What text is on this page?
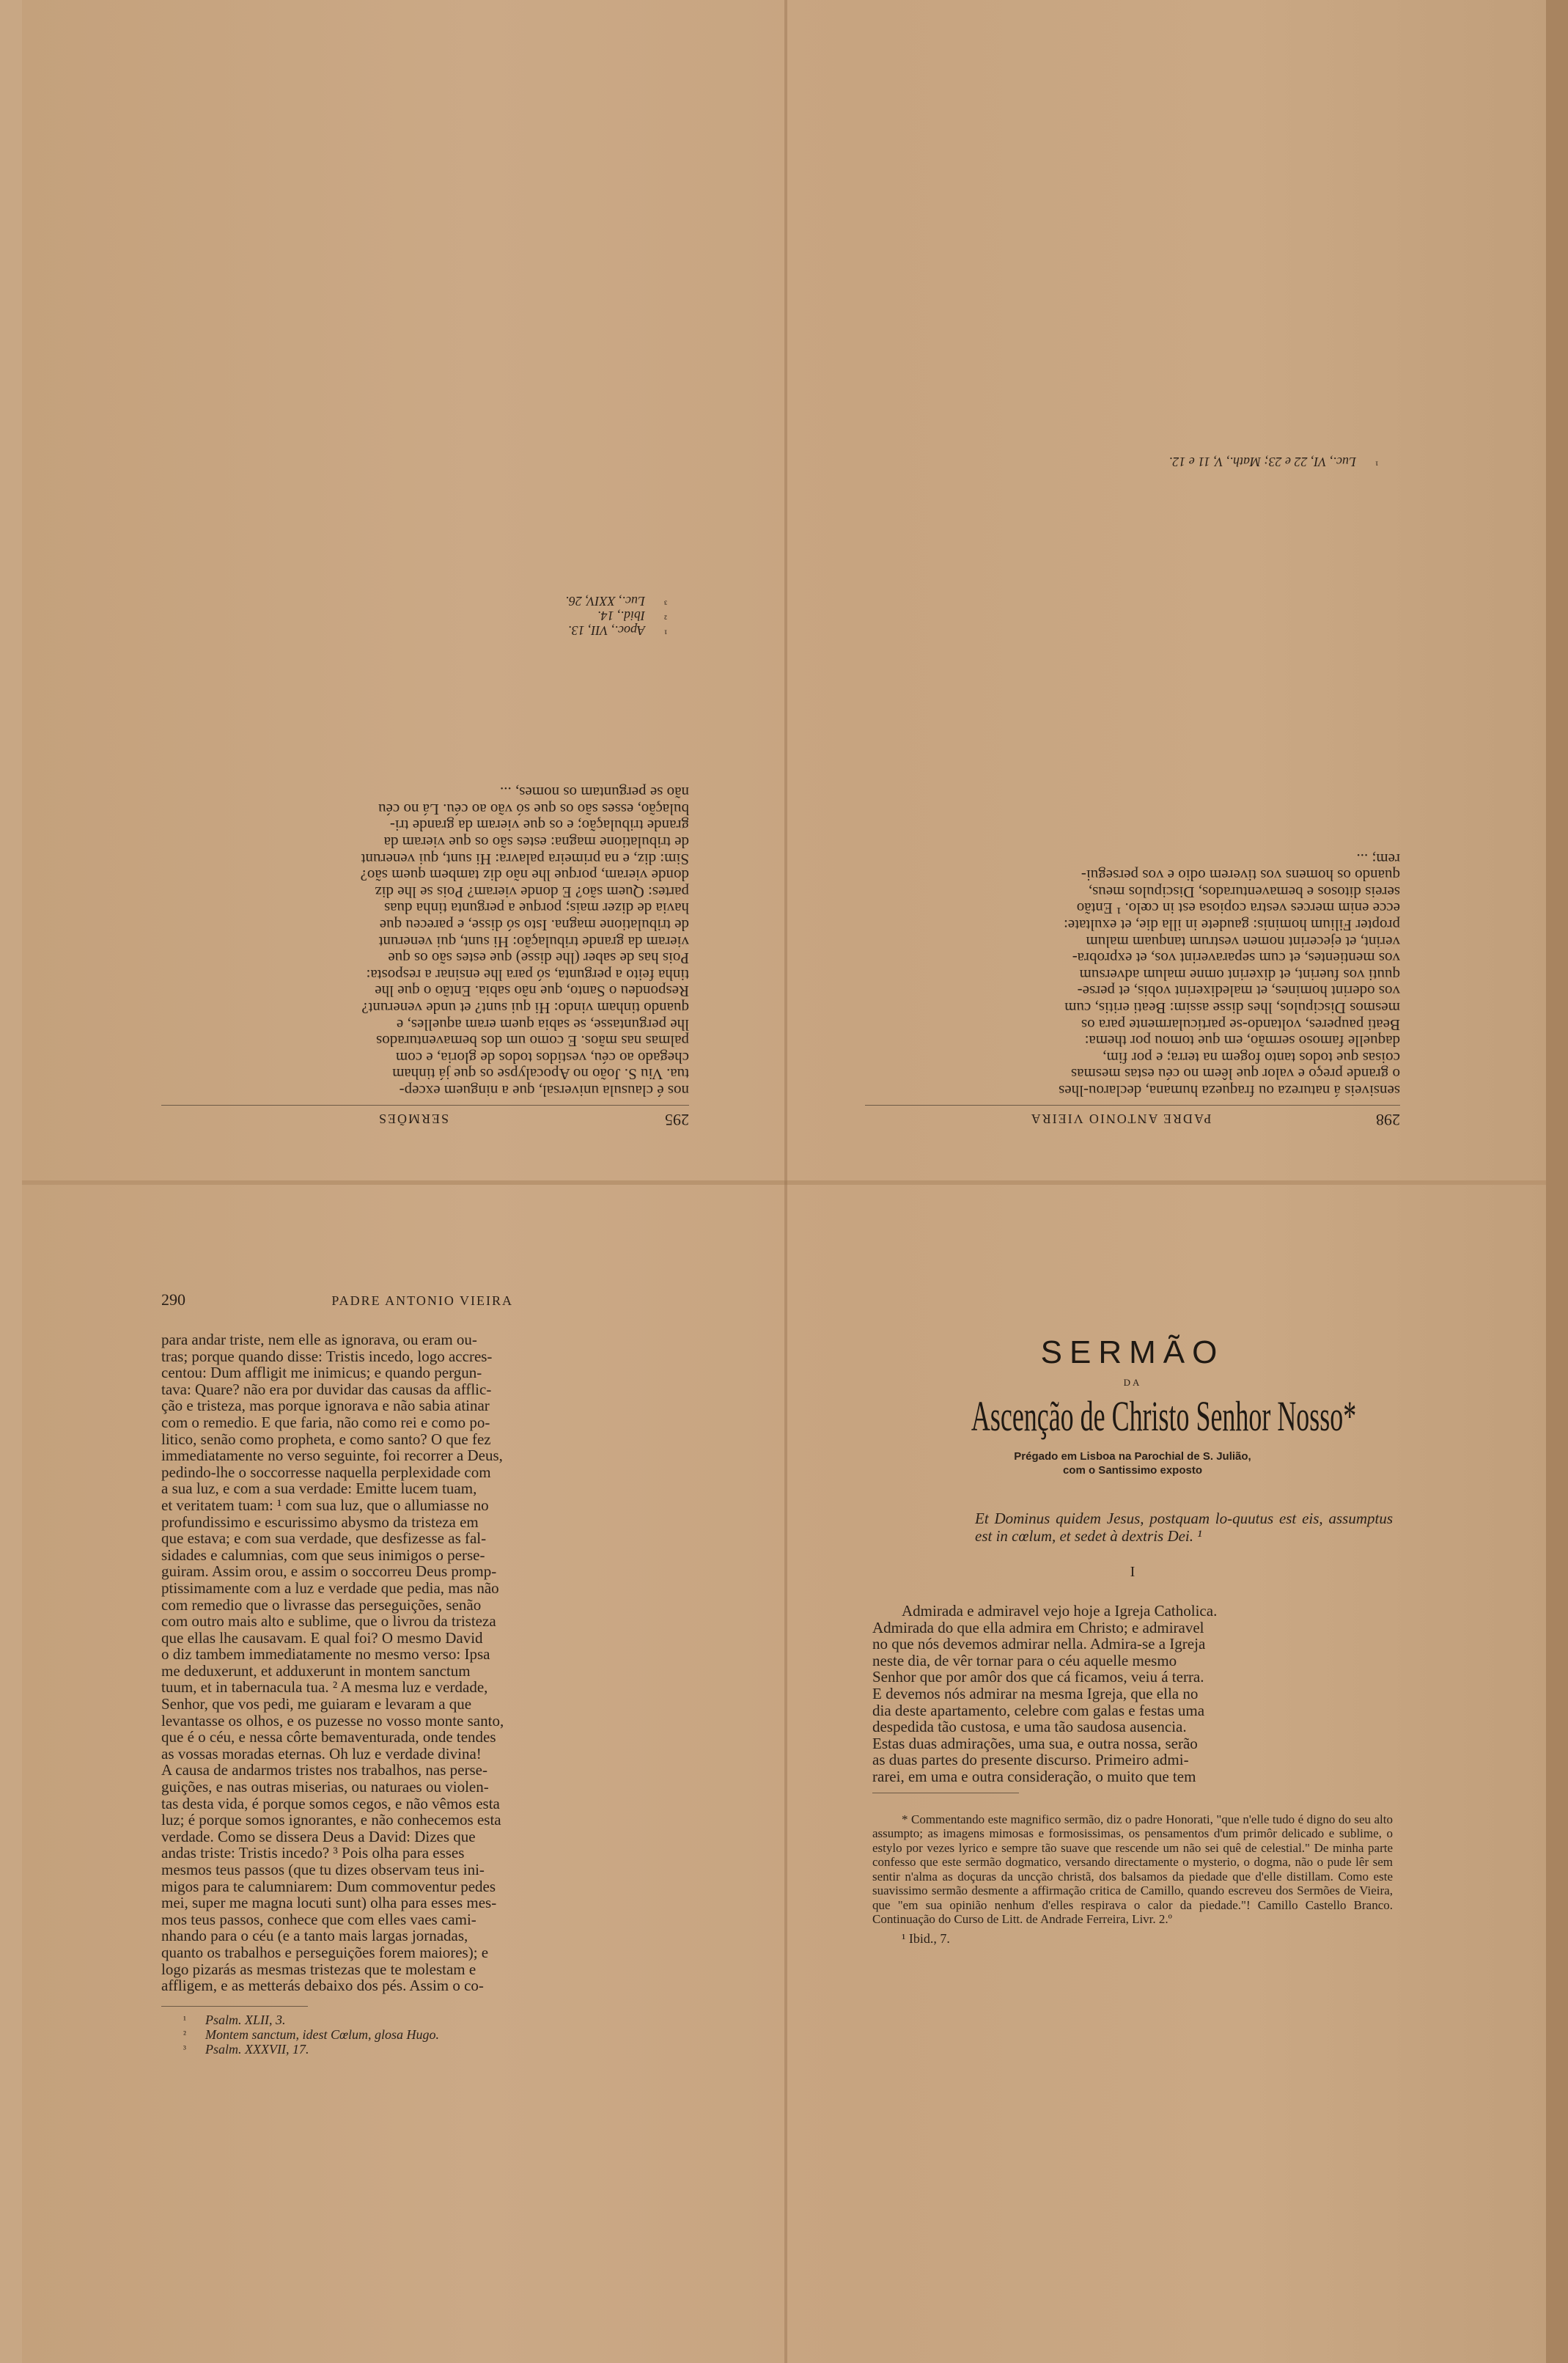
295
SERMÕES

nos é clausula universal, que a ninguem excep-

tua. Viu S. João no Apocalypse os que já tinham

chegado ao céu, vestidos todos de gloria, e com

palmas nas mãos. E como um dos bemaventurados

lhe perguntasse, se sabia quem eram aquelles, e

quando tinham vindo: Hi qui sunt? et unde venerunt?

Respondeu o Santo, que não sabia. Então o que lhe

tinha feito a pergunta, só para lhe ensinar a resposta:

Pois has de saber (lhe disse) que estes são os que

vieram da grande tribulação: Hi sunt, qui venerunt

de tribulatione magna. Isto só disse, e pareceu que

havia de dizer mais; porque a pergunta tinha duas

partes: Quem são? E donde vieram? Pois se lhe diz

donde vieram, porque lhe não diz tambem quem são?

Sim: diz, e na primeira palavra: Hi sunt, qui venerunt

de tribulatione magna: estes são os que vieram da

grande tribulação; e os que vieram da grande tri-

bulação, esses são os que só vão ao céu. Lá no céu

não se perguntam os nomes, ...

¹
Apoc., VII, 13.
²
Ibid., 14.
³
Luc., XXIV, 26.
298
PADRE ANTONIO VIEIRA

sensiveis á natureza ou fraqueza humana, declarou-lhes

o grande preço e valor que lêem no céu estas mesmas

coisas que todos tanto fogem na terra; e por fim,

daquelle famoso sermão, em que tomou por thema:

Beati pauperes, voltando-se particularmente para os

mesmos Discipulos, lhes disse assim: Beati eritis, cum

vos oderint homines, et maledixerint vobis, et perse-

quuti vos fuerint, et dixerint omne malum adversum

vos mentientes, et cum separaverint vos, et exprobra-

verint, et ejecerint nomen vestrum tanquam malum

propter Filium hominis: gaudete in illa die, et exultate:

ecce enim merces vestra copiosa est in cœlo. ¹ Então

sereis ditosos e bemaventurados, Discipulos meus,

quando os homens vos tiverem odio e vos persegui-

rem; ...

¹
Luc., VI, 22 e 23; Math., V, 11 e 12.
290	PADRE ANTONIO VIEIRA

para andar triste, nem elle as ignorava, ou eram ou-

tras; porque quando disse: Tristis incedo, logo accres-

centou: Dum affligit me inimicus; e quando pergun-

tava: Quare? não era por duvidar das causas da afflic-

ção e tristeza, mas porque ignorava e não sabia atinar

com o remedio. E que faria, não como rei e como po-

litico, senão como propheta, e como santo? O que fez

immediatamente no verso seguinte, foi recorrer a Deus,

pedindo-lhe o soccorresse naquella perplexidade com

a sua luz, e com a sua verdade: Emitte lucem tuam,

et veritatem tuam: ¹ com sua luz, que o allumiasse no

profundissimo e escurissimo abysmo da tristeza em

que estava; e com sua verdade, que desfizesse as fal-

sidades e calumnias, com que seus inimigos o perse-

guiram. Assim orou, e assim o soccorreu Deus promp-

ptissimamente com a luz e verdade que pedia, mas não

com remedio que o livrasse das perseguições, senão

com outro mais alto e sublime, que o livrou da tristeza

que ellas lhe causavam. E qual foi? O mesmo David

o diz tambem immediatamente no mesmo verso: Ipsa

me deduxerunt, et adduxerunt in montem sanctum

tuum, et in tabernacula tua. ² A mesma luz e verdade,

Senhor, que vos pedi, me guiaram e levaram a que

levantasse os olhos, e os puzesse no vosso monte santo,

que é o céu, e nessa côrte bemaventurada, onde tendes

as vossas moradas eternas. Oh luz e verdade divina!

A causa de andarmos tristes nos trabalhos, nas perse-

guições, e nas outras miserias, ou naturaes ou violen-

tas desta vida, é porque somos cegos, e não vêmos esta

luz; é porque somos ignorantes, e não conhecemos esta

verdade. Como se dissera Deus a David: Dizes que

andas triste: Tristis incedo? ³ Pois olha para esses

mesmos teus passos (que tu dizes observam teus ini-

migos para te calumniarem: Dum commoventur pedes

mei, super me magna locuti sunt) olha para esses mes-

mos teus passos, conhece que com elles vaes cami-

nhando para o céu (e a tanto mais largas jornadas,

quanto os trabalhos e perseguições forem maiores); e

logo pizarás as mesmas tristezas que te molestam e

affligem, e as metterás debaixo dos pés. Assim o co-

¹	Psalm. XLII, 3.
²	Montem sanctum, idest Cœlum, glosa Hugo.
³	Psalm. XXXVII, 17.
SERMÃO
DA
Ascenção de Christo Senhor Nosso*
Prégado em Lisboa na Parochial de S. Julião,
com o Santissimo exposto
Et Dominus quidem Jesus, postquam lo-quutus est eis, assumptus est in cœlum, et sedet à dextris Dei. ¹
I

Admirada e admiravel vejo hoje a Igreja Catholica.

Admirada do que ella admira em Christo; e admiravel

no que nós devemos admirar nella. Admira-se a Igreja

neste dia, de vêr tornar para o céu aquelle mesmo

Senhor que por amôr dos que cá ficamos, veiu á terra.

E devemos nós admirar na mesma Igreja, que ella no

dia deste apartamento, celebre com galas e festas uma

despedida tão custosa, e uma tão saudosa ausencia.

Estas duas admirações, uma sua, e outra nossa, serão

as duas partes do presente discurso. Primeiro admi-

rarei, em uma e outra consideração, o muito que tem

* Commentando este magnifico sermão, diz o padre Honorati, "que n'elle tudo é digno do seu alto assumpto; as imagens mimosas e formosissimas, os pensamentos d'um primôr delicado e sublime, o estylo por vezes lyrico e sempre tão suave que rescende um não sei quê de celestial." De minha parte confesso que este sermão dogmatico, versando directamente o mysterio, o dogma, não o pude lêr sem sentir n'alma as doçuras da uncção christã, dos balsamos da piedade que d'elle distillam. Como este suavissimo sermão desmente a affirmação critica de Camillo, quando escreveu dos Sermões de Vieira, que "em sua opinião nenhum d'elles respirava o calor da piedade."! Camillo Castello Branco. Continuação do Curso de Litt. de Andrade Ferreira, Livr. 2.º
¹ Ibid., 7.
